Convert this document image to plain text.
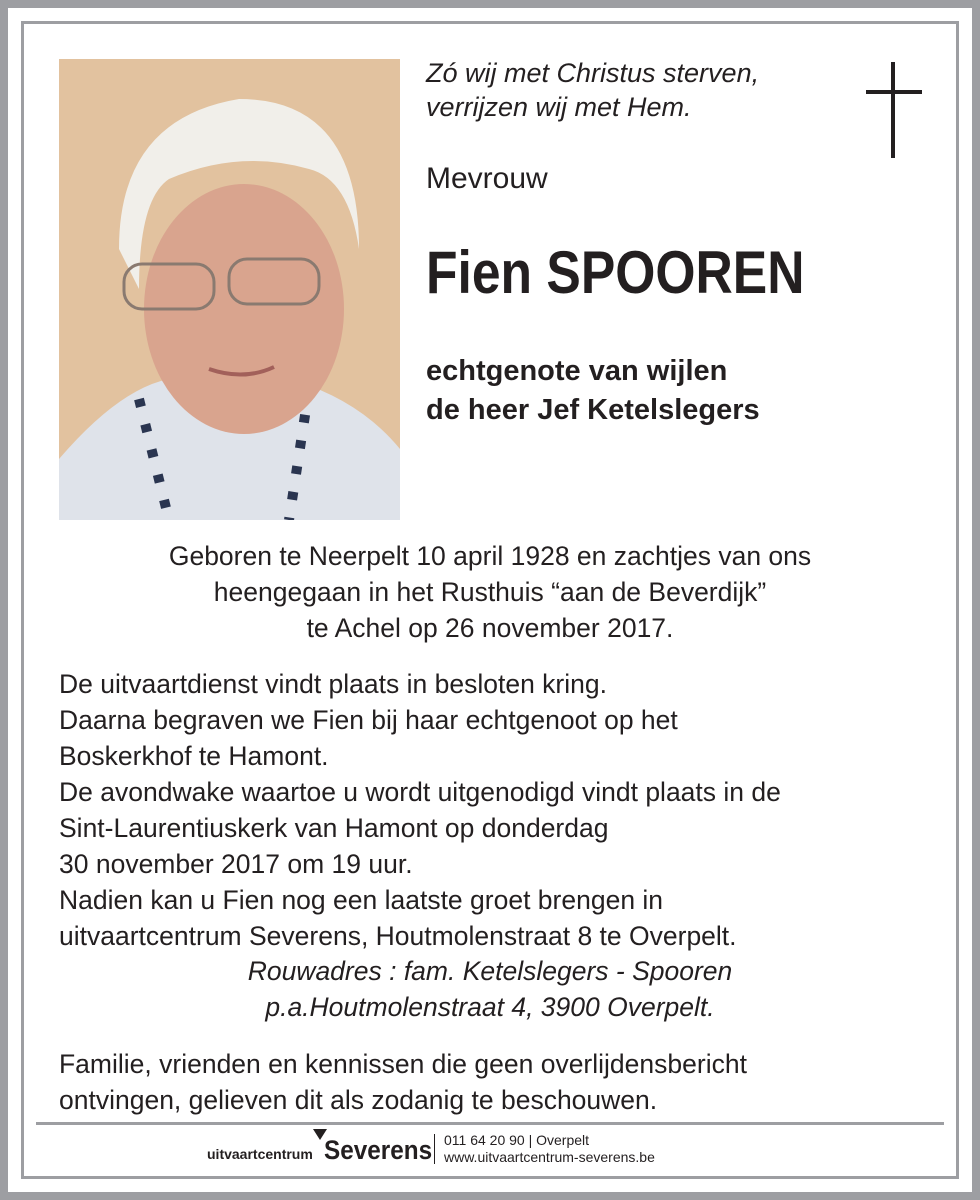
Zó wij met Christus sterven,
verrijzen wij met Hem.
Mevrouw
Fien SPOOREN
echtgenote van wijlen
de heer Jef Ketelslegers
Geboren te Neerpelt 10 april 1928 en zachtjes van ons
heengegaan in het Rusthuis “aan de Beverdijk”
te Achel op 26 november 2017.
De uitvaartdienst vindt plaats in besloten kring.
Daarna begraven we Fien bij haar echtgenoot op het
Boskerkhof te Hamont.
De avondwake waartoe u wordt uitgenodigd vindt plaats in de
Sint-Laurentiuskerk van Hamont op donderdag
30 november 2017 om 19 uur.
Nadien kan u Fien nog een laatste groet brengen in
uitvaartcentrum Severens, Houtmolenstraat 8 te Overpelt.
Rouwadres : fam. Ketelslegers - Spooren
p.a.Houtmolenstraat 4, 3900 Overpelt.
Familie, vrienden en kennissen die geen overlijdensbericht
ontvingen, gelieven dit als zodanig te beschouwen.
uitvaartcentrum Severens 011 64 20 90 | Overpelt
www.uitvaartcentrum-severens.be
